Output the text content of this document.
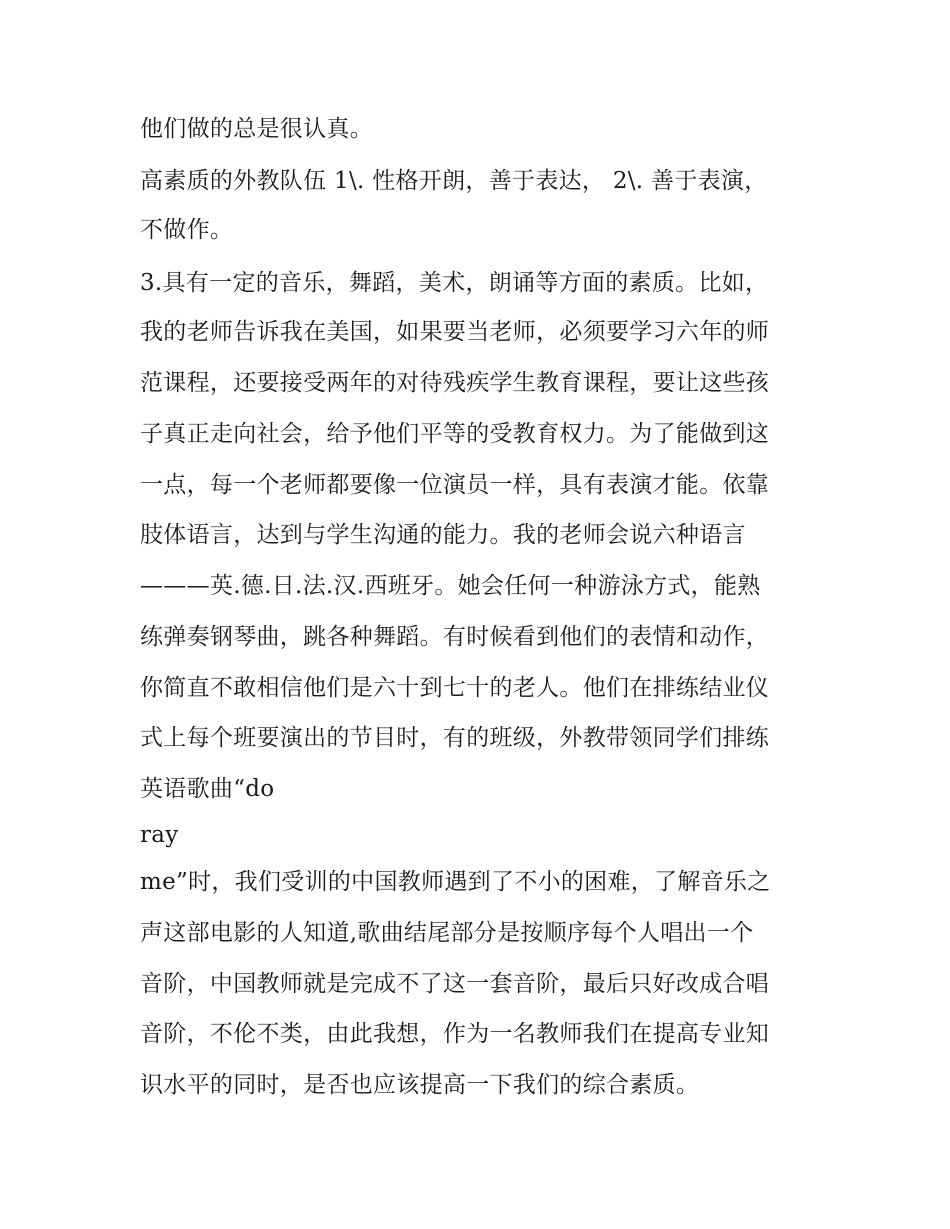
他们做的总是很认真。
高素质的外教队伍 1\. 性格开朗，善于表达， 2\. 善于表演，
不做作。
3.具有一定的音乐，舞蹈，美术，朗诵等方面的素质。比如，
我的老师告诉我在美国，如果要当老师，必须要学习六年的师
范课程，还要接受两年的对待残疾学生教育课程，要让这些孩
子真正走向社会，给予他们平等的受教育权力。为了能做到这
一点，每一个老师都要像一位演员一样，具有表演才能。依靠
肢体语言，达到与学生沟通的能力。我的老师会说六种语言
———英.德.日.法.汉.西班牙。她会任何一种游泳方式，能熟
练弹奏钢琴曲，跳各种舞蹈。有时候看到他们的表情和动作，
你简直不敢相信他们是六十到七十的老人。他们在排练结业仪
式上每个班要演出的节目时，有的班级，外教带领同学们排练
英语歌曲“do
ray
me”时，我们受训的中国教师遇到了不小的困难，了解音乐之
声这部电影的人知道,歌曲结尾部分是按顺序每个人唱出一个
音阶，中国教师就是完成不了这一套音阶，最后只好改成合唱
音阶，不伦不类，由此我想，作为一名教师我们在提高专业知
识水平的同时，是否也应该提高一下我们的综合素质。
